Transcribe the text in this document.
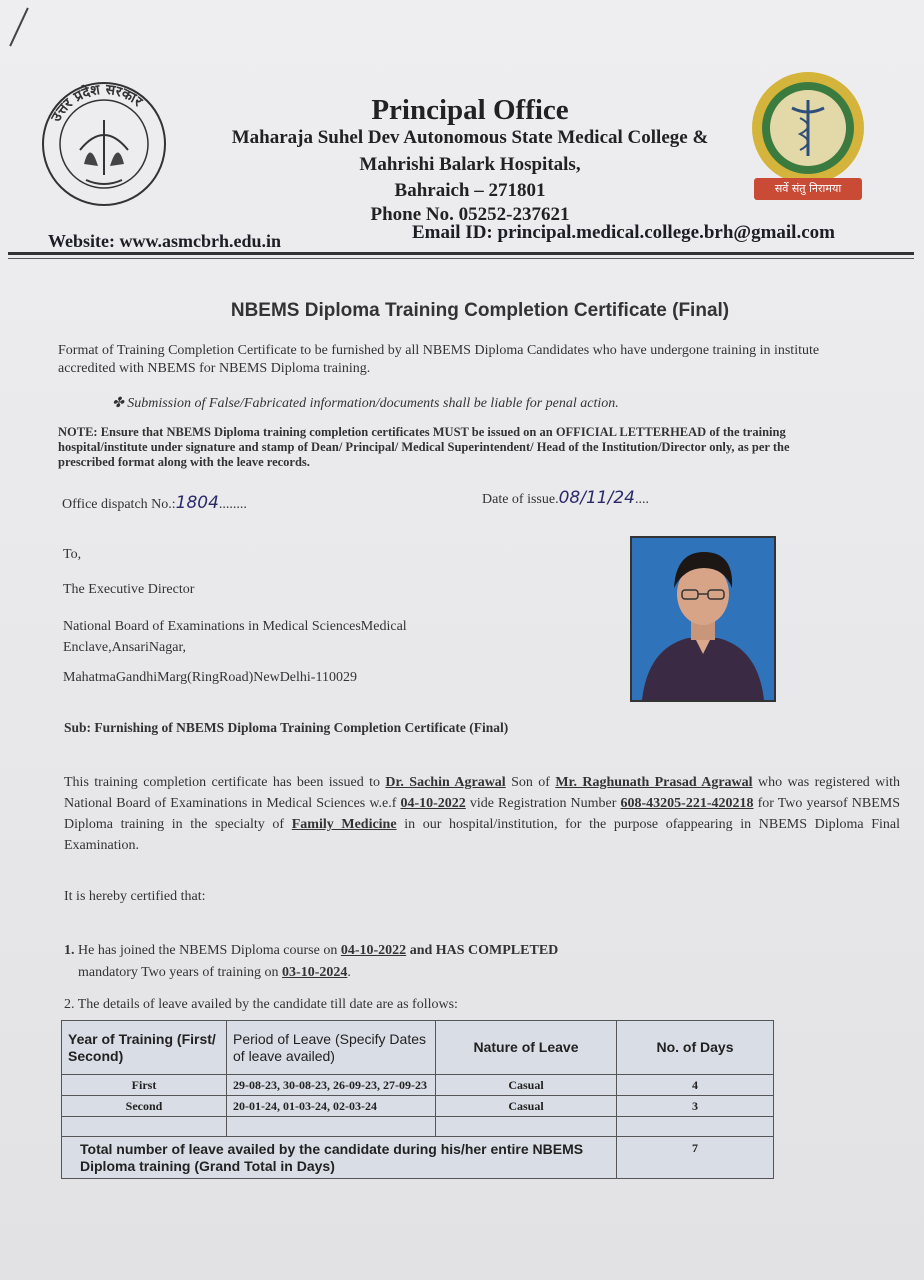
उत्तर प्रदेश सरकार
सर्वे संतु निरामया
Principal Office
Maharaja Suhel Dev Autonomous State Medical College &
Mahrishi Balark Hospitals,
Bahraich – 271801
Phone No. 05252-237621
Website: www.asmcbrh.edu.in	Email ID: principal.medical.college.brh@gmail.com
NBEMS Diploma Training Completion Certificate (Final)
Format of Training Completion Certificate to be furnished by all NBEMS Diploma Candidates who have undergone training in institute accredited with NBEMS for NBEMS Diploma training.
✤ Submission of False/Fabricated information/documents shall be liable for penal action.
NOTE: Ensure that NBEMS Diploma training completion certificates MUST be issued on an OFFICIAL LETTERHEAD of the training hospital/institute under signature and stamp of Dean/ Principal/ Medical Superintendent/ Head of the Institution/Director only, as per the prescribed format along with the leave records.
Office dispatch No.:1804........	Date of issue.08/11/24....
To,
The Executive Director
National Board of Examinations in Medical SciencesMedical Enclave,AnsariNagar,
MahatmaGandhiMarg(RingRoad)NewDelhi-110029
Sub: Furnishing of NBEMS Diploma Training Completion Certificate (Final)
This training completion certificate has been issued to Dr. Sachin Agrawal Son of Mr. Raghunath Prasad Agrawal who was registered with National Board of Examinations in Medical Sciences w.e.f 04-10-2022 vide Registration Number 608-43205-221-420218 for Two yearsof NBEMS Diploma training in the specialty of Family Medicine in our hospital/institution, for the purpose ofappearing in NBEMS Diploma Final Examination.
It is hereby certified that:
1. He has joined the NBEMS Diploma course on 04-10-2022 and HAS COMPLETED
mandatory Two years of training on 03-10-2024.
2. The details of leave availed by the candidate till date are as follows:
Year of Training (First/ Second)	Period of Leave (Specify Dates of leave availed)	Nature of Leave	No. of Days
First	29-08-23, 30-08-23, 26-09-23, 27-09-23	Casual	4
Second	20-01-24, 01-03-24, 02-03-24	Casual	3

Total number of leave availed by the candidate during his/her entire NBEMS Diploma training (Grand Total in Days)			7
